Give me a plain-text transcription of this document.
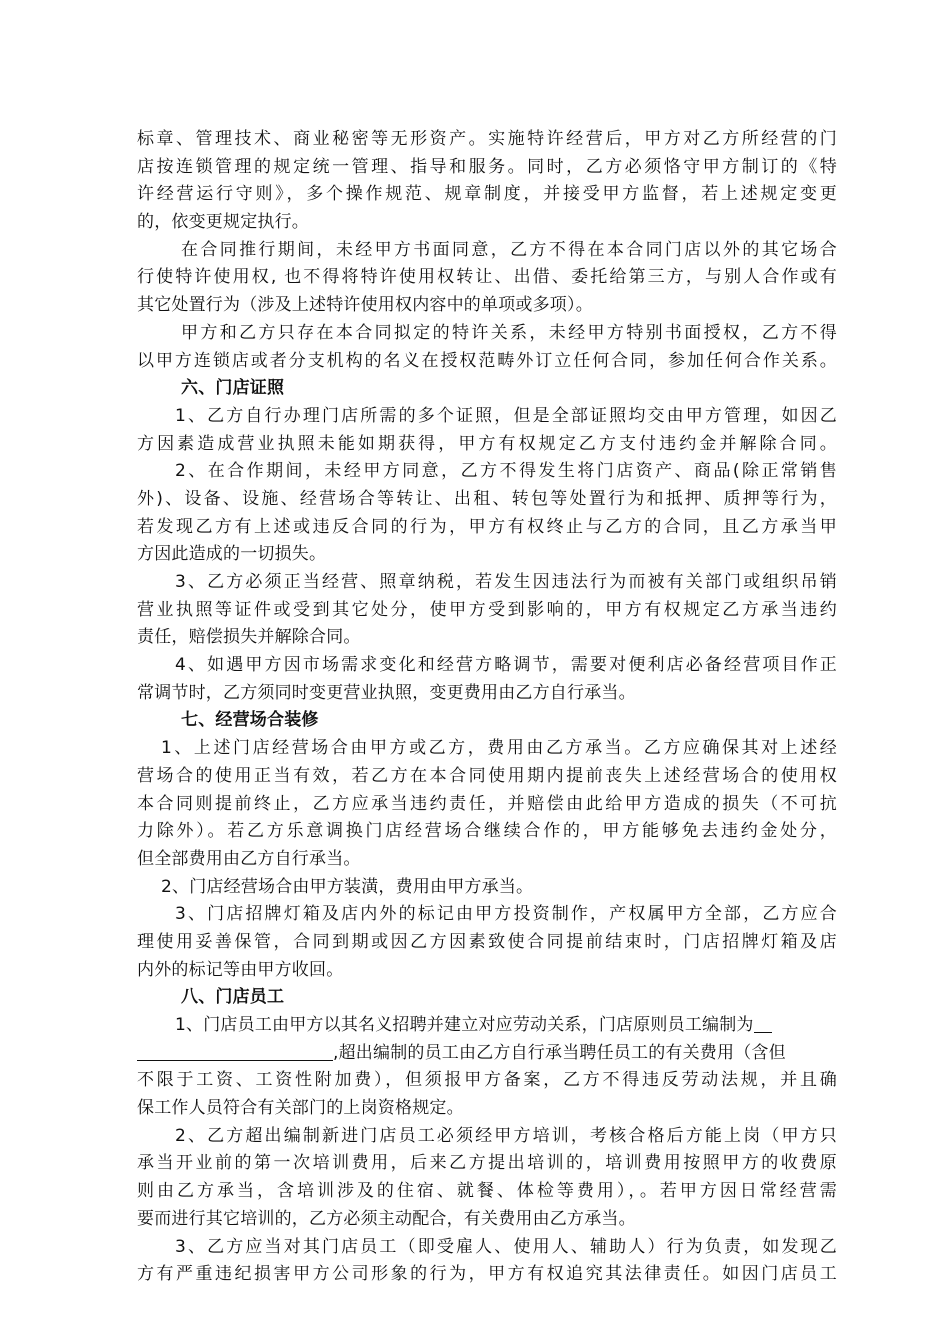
标章、管理技术、商业秘密等无形资产。实施特许经营后，甲方对乙方所经营的门
店按连锁管理的规定统一管理、指导和服务。同时，乙方必须恪守甲方制订的《特
许经营运行守则》，多个操作规范、规章制度，并接受甲方监督，若上述规定变更
的，依变更规定执行。
在合同推行期间，未经甲方书面同意，乙方不得在本合同门店以外的其它场合
行使特许使用权, 也不得将特许使用权转让、出借、委托给第三方，与别人合作或有
其它处置行为（涉及上述特许使用权内容中的单项或多项）。
甲方和乙方只存在本合同拟定的特许关系，未经甲方特别书面授权，乙方不得
以甲方连锁店或者分支机构的名义在授权范畴外订立任何合同，参加任何合作关系。
六、门店证照
1、乙方自行办理门店所需的多个证照，但是全部证照均交由甲方管理，如因乙
方因素造成营业执照未能如期获得，甲方有权规定乙方支付违约金并解除合同。
2、在合作期间，未经甲方同意，乙方不得发生将门店资产、商品(除正常销售
外)、设备、设施、经营场合等转让、出租、转包等处置行为和抵押、质押等行为，
若发现乙方有上述或违反合同的行为，甲方有权终止与乙方的合同，且乙方承当甲
方因此造成的一切损失。
3、乙方必须正当经营、照章纳税，若发生因违法行为而被有关部门或组织吊销
营业执照等证件或受到其它处分，使甲方受到影响的，甲方有权规定乙方承当违约
责任，赔偿损失并解除合同。
4、如遇甲方因市场需求变化和经营方略调节，需要对便利店必备经营项目作正
常调节时，乙方须同时变更营业执照，变更费用由乙方自行承当。
七、经营场合装修
1、上述门店经营场合由甲方或乙方，费用由乙方承当。乙方应确保其对上述经
营场合的使用正当有效，若乙方在本合同使用期内提前丧失上述经营场合的使用权
本合同则提前终止，乙方应承当违约责任，并赔偿由此给甲方造成的损失（不可抗
力除外）。若乙方乐意调换门店经营场合继续合作的，甲方能够免去违约金处分，
但全部费用由乙方自行承当。
2、门店经营场合由甲方装潢，费用由甲方承当。
3、门店招牌灯箱及店内外的标记由甲方投资制作，产权属甲方全部，乙方应合
理使用妥善保管，合同到期或因乙方因素致使合同提前结束时，门店招牌灯箱及店
内外的标记等由甲方收回。
八、门店员工
1、门店员工由甲方以其名义招聘并建立对应劳动关系，门店原则员工编制为
,超出编制的员工由乙方自行承当聘任员工的有关费用（含但
不限于工资、工资性附加费），但须报甲方备案，乙方不得违反劳动法规，并且确
保工作人员符合有关部门的上岗资格规定。
2、乙方超出编制新进门店员工必须经甲方培训，考核合格后方能上岗（甲方只
承当开业前的第一次培训费用，后来乙方提出培训的，培训费用按照甲方的收费原
则由乙方承当，含培训涉及的住宿、就餐、体检等费用），。若甲方因日常经营需
要而进行其它培训的，乙方必须主动配合，有关费用由乙方承当。
3、乙方应当对其门店员工（即受雇人、使用人、辅助人）行为负责，如发现乙
方有严重违纪损害甲方公司形象的行为，甲方有权追究其法律责任。如因门店员工
